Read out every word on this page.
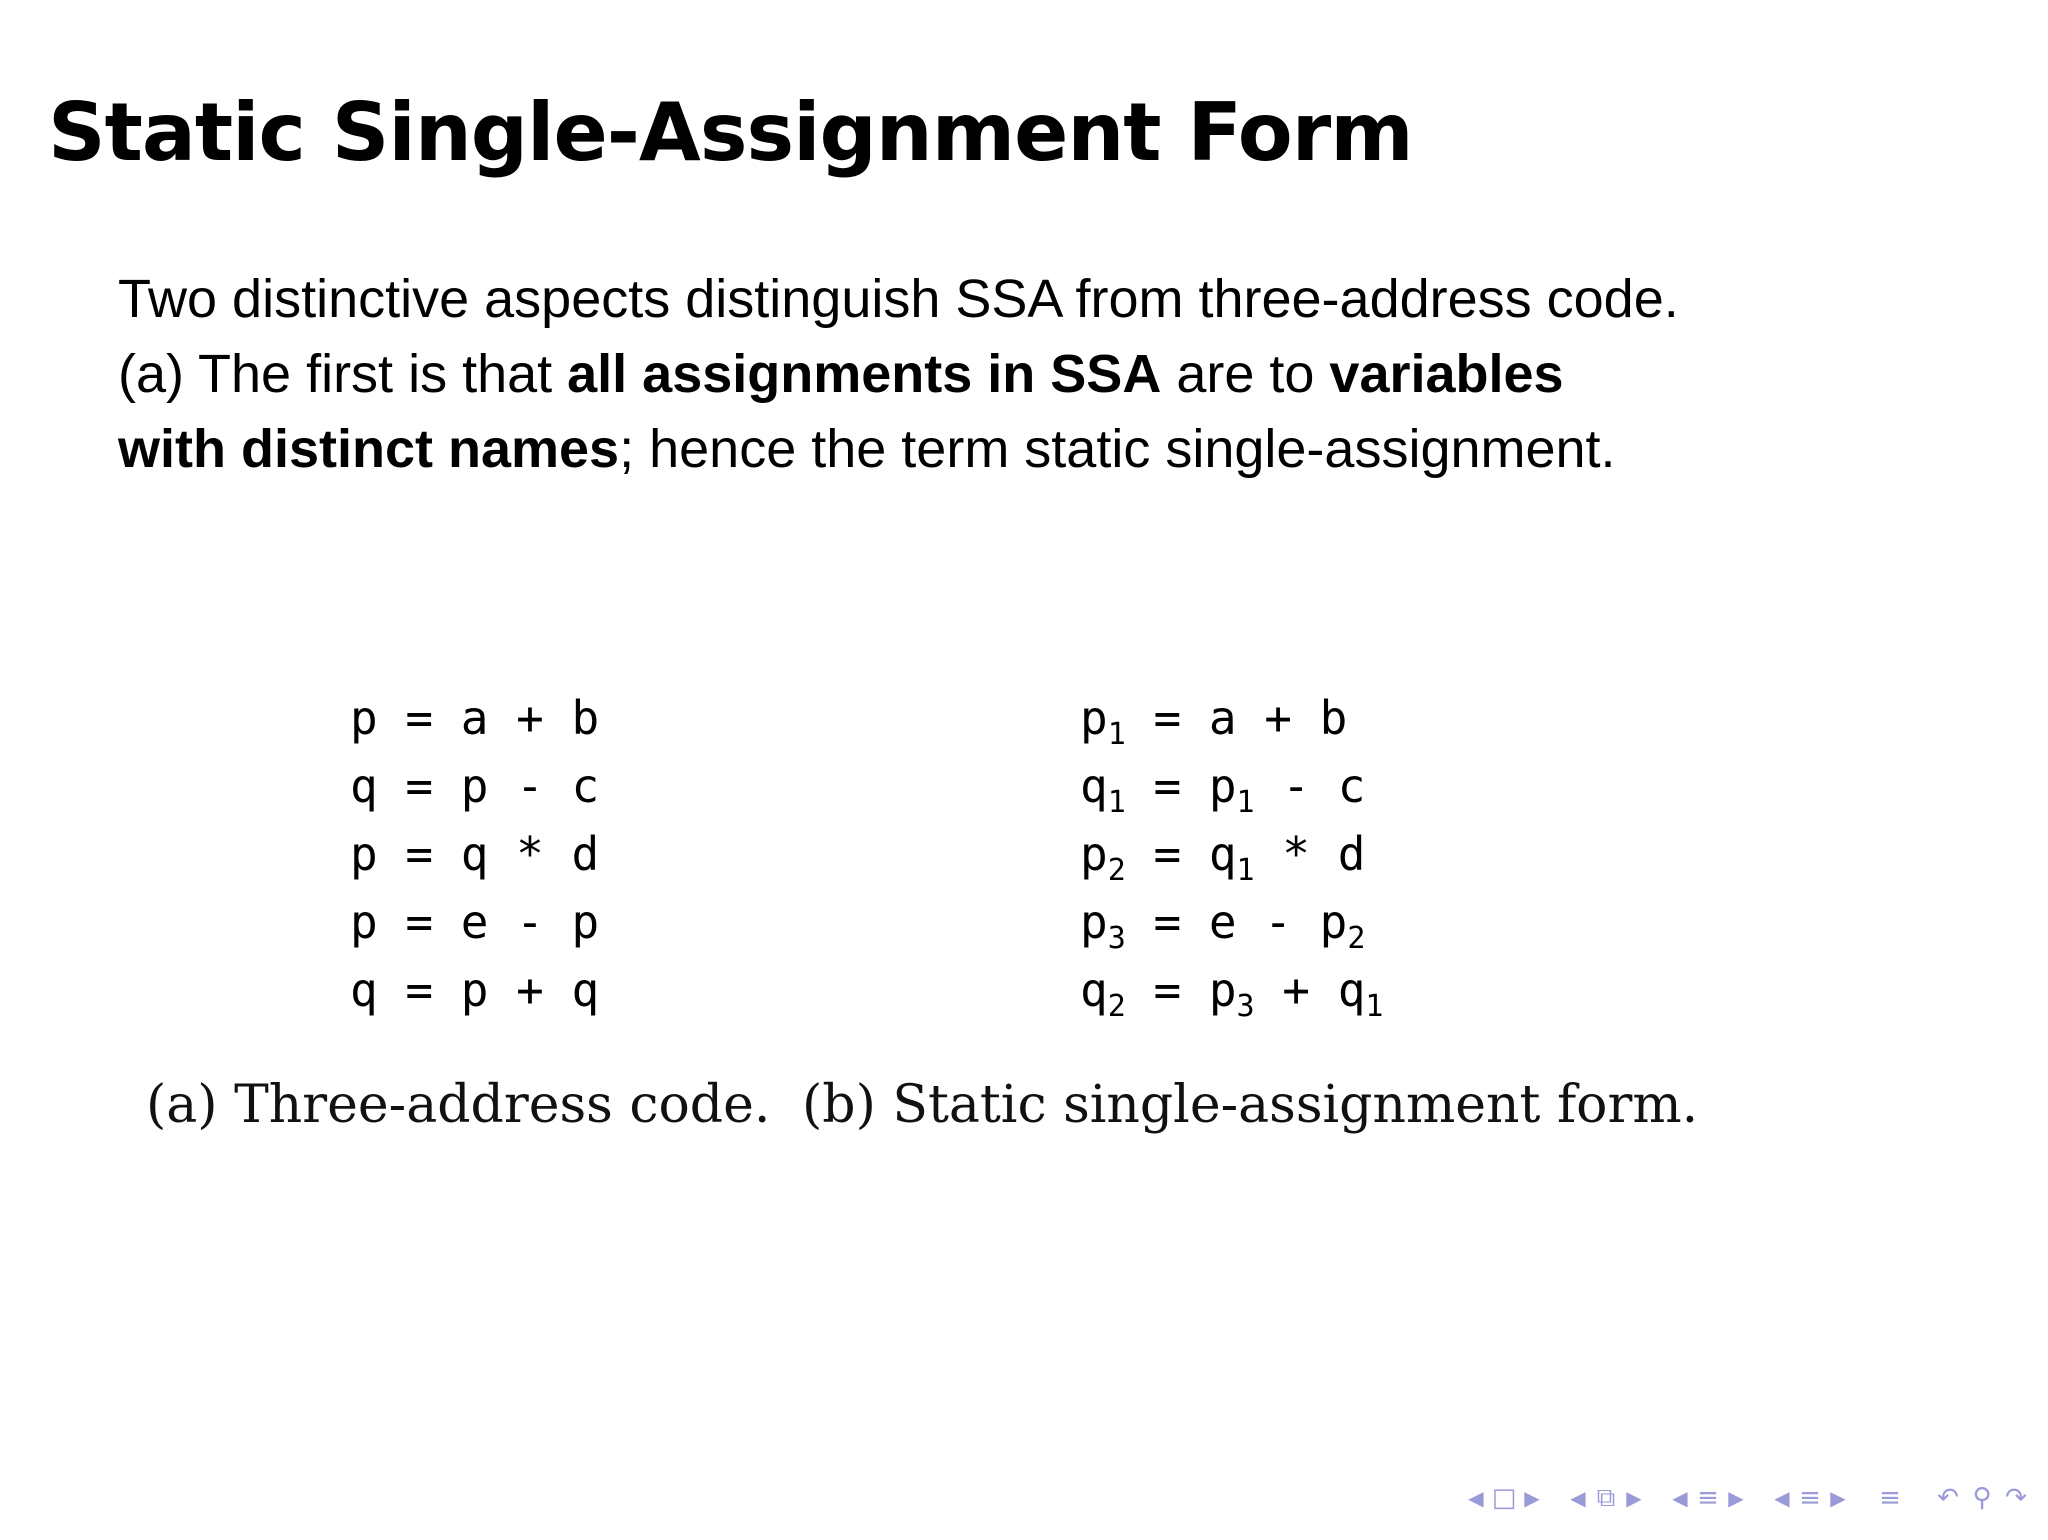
Static Single-Assignment Form
Two distinctive aspects distinguish SSA from three-address code.
(a) The first is that all assignments in SSA are to variables
with distinct names; hence the term static single-assignment.
p = a + b
q = p - c
p = q * d
p = e - p
q = p + q
$p_1 = a + b$
$q_1 = p_1 - c$
$p_2 = q_1 * d$
$p_3 = e - p_2$
$q_2 = p_3 + q_1$
(a) Three-address code. (b) Static single-assignment form.
◀ □ ▶ ◀ ⧉ ▶ ◀ ≡ ▶ ◀ ≡ ▶ ≡ ↶ ⚲ ↷
